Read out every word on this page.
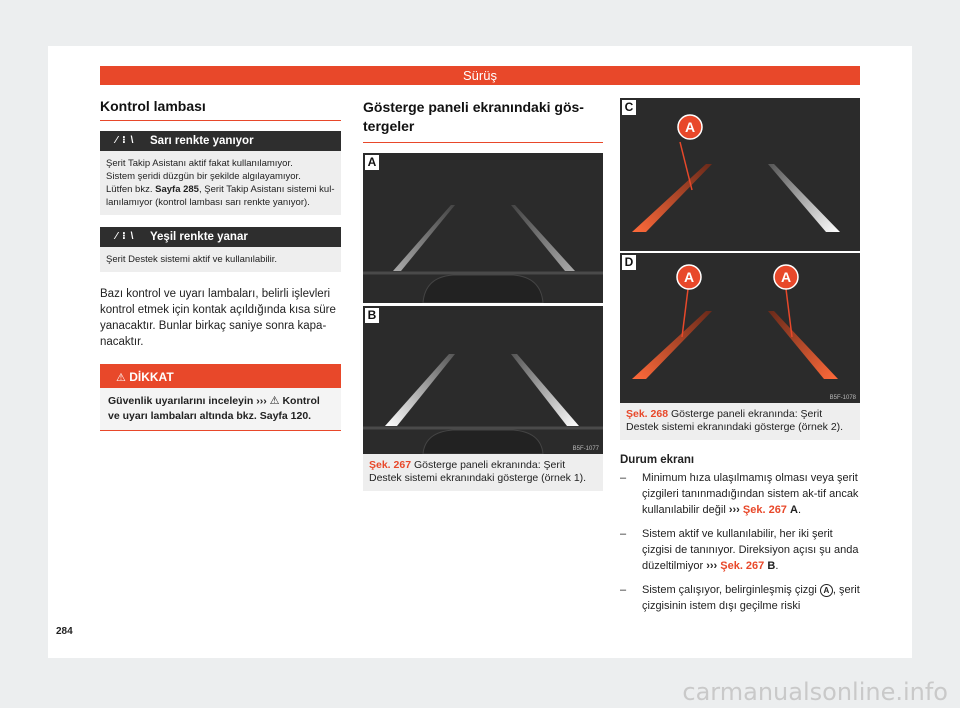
Sürüş
Kontrol lambası
⁄ ⁝ \	Sarı renkte yanıyor
Şerit Takip Asistanı aktif fakat kullanılamıyor.
Sistem şeridi düzgün bir şekilde algılayamıyor.
Lütfen bkz. Sayfa 285, Şerit Takip Asistanı sistemi kul-lanılamıyor (kontrol lambası sarı renkte yanıyor).
⁄ ⁝ \	Yeşil renkte yanar
Şerit Destek sistemi aktif ve kullanılabilir.
Bazı kontrol ve uyarı lambaları, belirli işlevleri kontrol etmek için kontak açıldığında kısa süre yanacaktır. Bunlar birkaç saniye sonra kapa-nacaktır.
⚠ DİKKAT
Güvenlik uyarılarını inceleyin ››› ⚠ Kontrol ve uyarı lambaları altında bkz. Sayfa 120.
Gösterge paneli ekranındaki gös-
tergeler
A
B
B5F-1077
Şek. 267 Gösterge paneli ekranında: Şerit Destek sistemi ekranındaki gösterge (örnek 1).
A
C
A	A
D
B5F-1078
Şek. 268 Gösterge paneli ekranında: Şerit Destek sistemi ekranındaki gösterge (örnek 2).
Durum ekranı
–	Minimum hıza ulaşılmamış olması veya şerit çizgileri tanınmadığından sistem ak-tif ancak kullanılabilir değil ››› Şek. 267 A.
–	Sistem aktif ve kullanılabilir, her iki şerit çizgisi de tanınıyor. Direksiyon açısı şu anda düzeltilmiyor ››› Şek. 267 B.
–	Sistem çalışıyor, belirginleşmiş çizgi A , şerit çizgisinin istem dışı geçilme riski
284
carmanualsonline.info
